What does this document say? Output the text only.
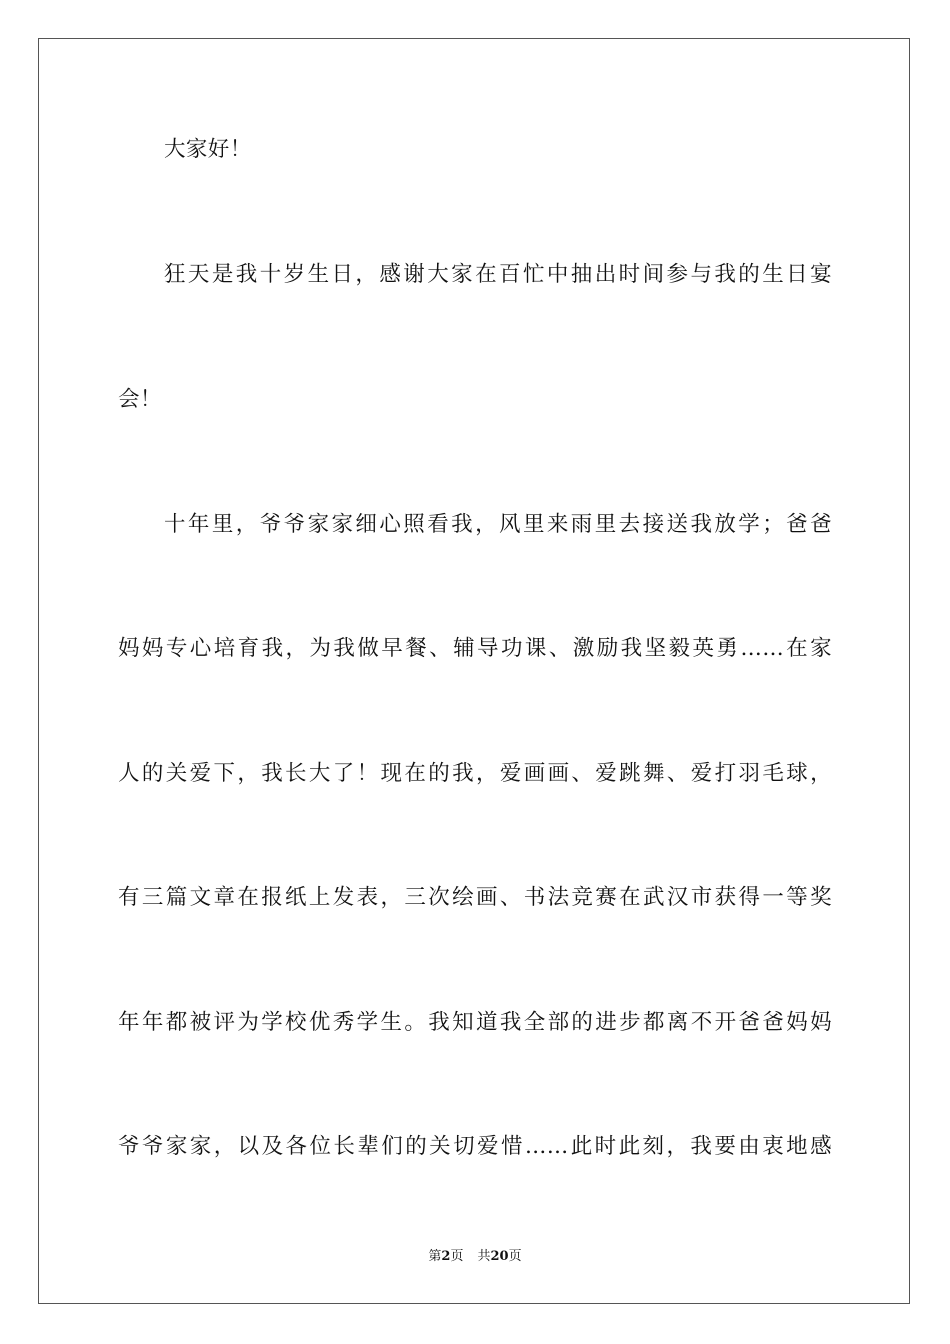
大家好！
狂天是我十岁生日，感谢大家在百忙中抽出时间参与我的生日宴
会！
十年里，爷爷家家细心照看我，风里来雨里去接送我放学；爸爸
妈妈专心培育我，为我做早餐、辅导功课、激励我坚毅英勇……在家
人的关爱下，我长大了！现在的我，爱画画、爱跳舞、爱打羽毛球，
有三篇文章在报纸上发表，三次绘画、书法竞赛在武汉市获得一等奖
年年都被评为学校优秀学生。我知道我全部的进步都离不开爸爸妈妈
爷爷家家，以及各位长辈们的关切爱惜……此时此刻，我要由衷地感
第2页 共20页
